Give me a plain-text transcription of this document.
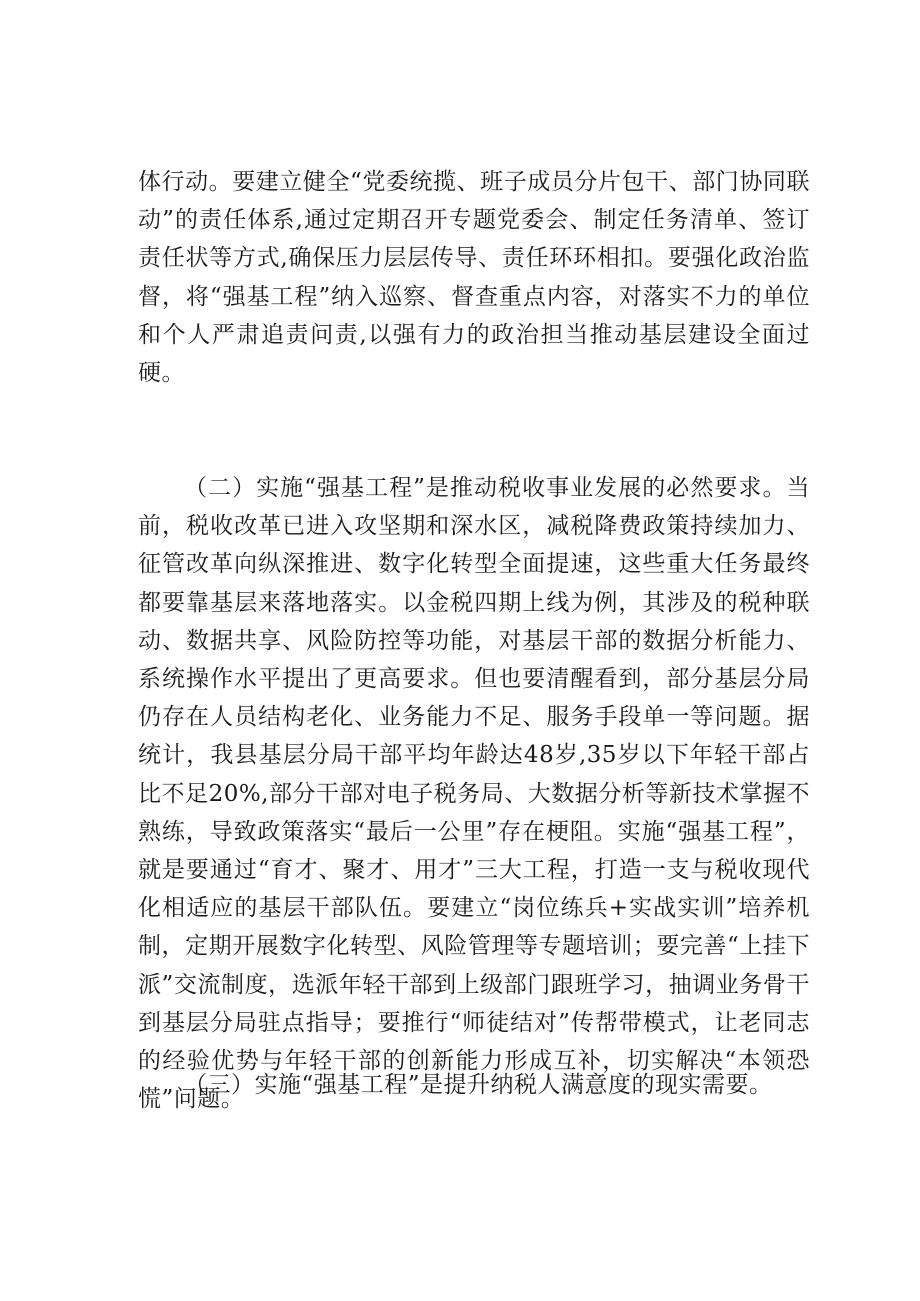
体行动。要建立健全“党委统揽、班子成员分片包干、部门协同联动”的责任体系,通过定期召开专题党委会、制定任务清单、签订责任状等方式,确保压力层层传导、责任环环相扣。要强化政治监督，将“强基工程”纳入巡察、督查重点内容，对落实不力的单位和个人严肃追责问责,以强有力的政治担当推动基层建设全面过硬。

（二）实施“强基工程”是推动税收事业发展的必然要求。当前，税收改革已进入攻坚期和深水区，减税降费政策持续加力、征管改革向纵深推进、数字化转型全面提速，这些重大任务最终都要靠基层来落地落实。以金税四期上线为例，其涉及的税种联动、数据共享、风险防控等功能，对基层干部的数据分析能力、系统操作水平提出了更高要求。但也要清醒看到，部分基层分局仍存在人员结构老化、业务能力不足、服务手段单一等问题。据统计，我县基层分局干部平均年龄达48岁,35岁以下年轻干部占比不足20%,部分干部对电子税务局、大数据分析等新技术掌握不熟练，导致政策落实“最后一公里”存在梗阻。实施“强基工程”，就是要通过“育才、聚才、用才”三大工程，打造一支与税收现代化相适应的基层干部队伍。要建立“岗位练兵+实战实训”培养机制，定期开展数字化转型、风险管理等专题培训；要完善“上挂下派”交流制度，选派年轻干部到上级部门跟班学习，抽调业务骨干到基层分局驻点指导；要推行“师徒结对”传帮带模式，让老同志的经验优势与年轻干部的创新能力形成互补，切实解决“本领恐慌”问题。

（三）实施“强基工程”是提升纳税人满意度的现实需要。
